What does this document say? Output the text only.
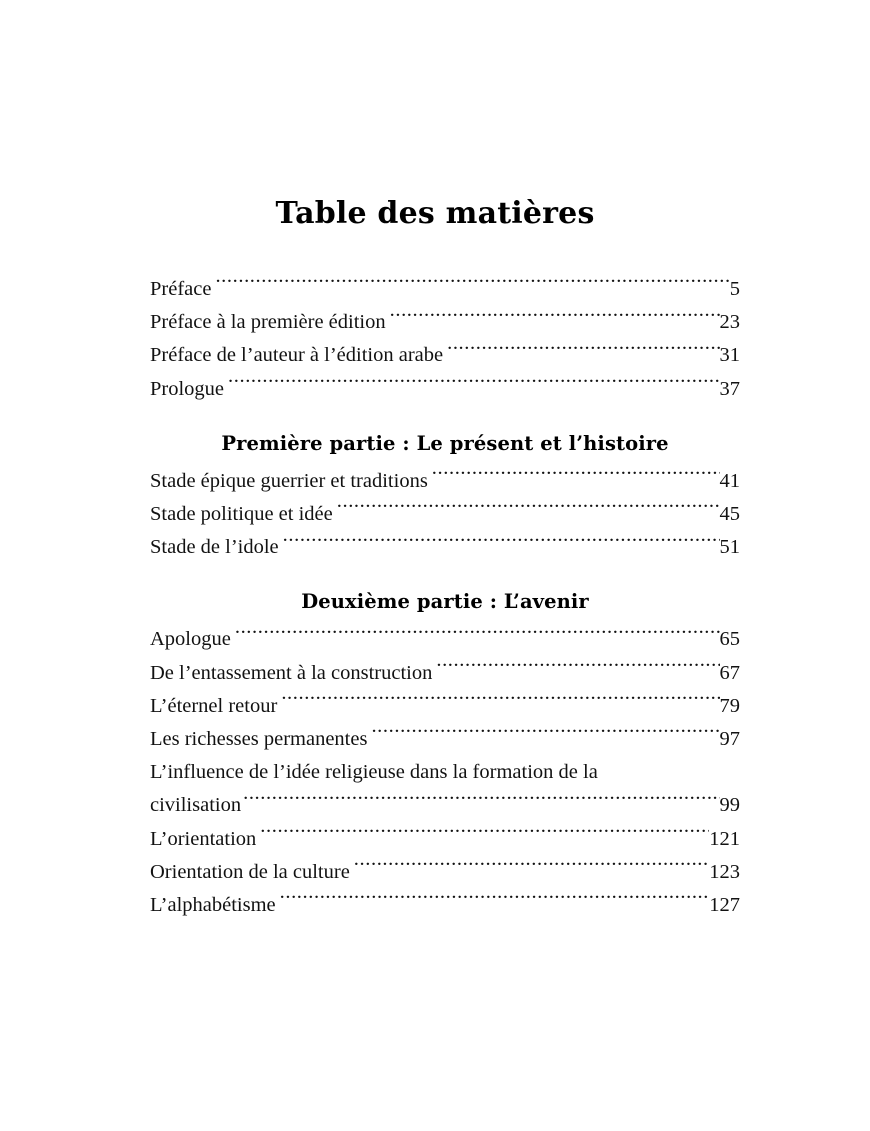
Table des matières
Préface .....	5
Préface à la première édition .....	23
Préface de l’auteur à l’édition arabe .....	31
Prologue .....	37
Première partie : Le présent et l’histoire
Stade épique guerrier et traditions .....	41
Stade politique et idée .....	45
Stade de l’idole .....	51
Deuxième partie : L’avenir
Apologue .....	65
De l’entassement à la construction .....	67
L’éternel retour .....	79
Les richesses permanentes .....	97
L’influence de l’idée religieuse dans la formation de la
civilisation .....	99
L’orientation .....	121
Orientation de la culture .....	123
L’alphabétisme .....	127
